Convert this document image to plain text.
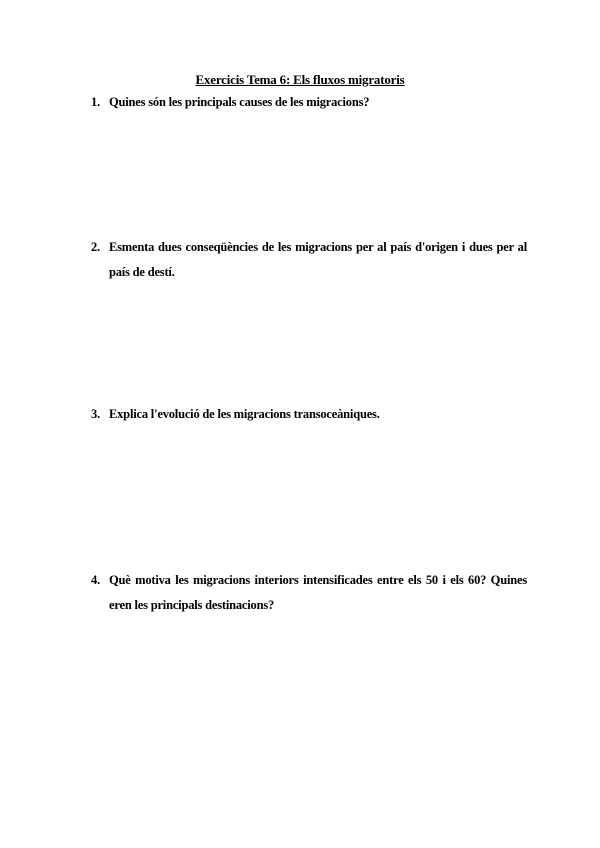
Exercicis Tema 6: Els fluxos migratoris
1. Quines són les principals causes de les migracions?
2. Esmenta dues conseqüències de les migracions per al país d'origen i dues per al país de destí.
3. Explica l'evolució de les migracions transoceàniques.
4. Què motiva les migracions interiors intensificades entre els 50 i els 60? Quines eren les principals destinacions?
